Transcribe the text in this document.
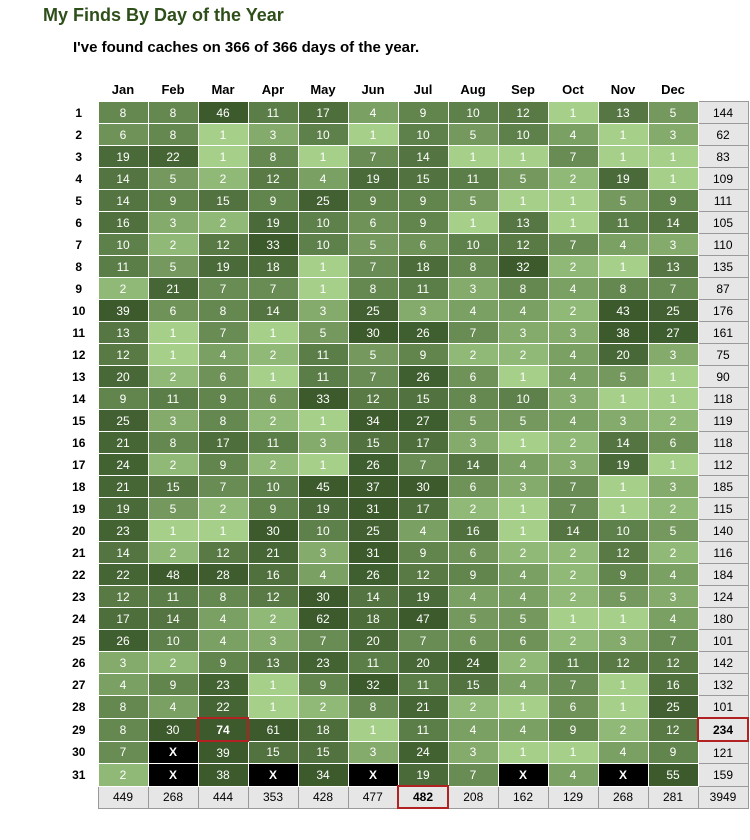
My Finds By Day of the Year
I've found caches on 366 of 366 days of the year.
	Jan	Feb	Mar	Apr	May	Jun	Jul	Aug	Sep	Oct	Nov	Dec	
1	8	8	46	11	17	4	9	10	12	1	13	5	144
2	6	8	1	3	10	1	10	5	10	4	1	3	62
3	19	22	1	8	1	7	14	1	1	7	1	1	83
4	14	5	2	12	4	19	15	11	5	2	19	1	109
5	14	9	15	9	25	9	9	5	1	1	5	9	111
6	16	3	2	19	10	6	9	1	13	1	11	14	105
7	10	2	12	33	10	5	6	10	12	7	4	3	110
8	11	5	19	18	1	7	18	8	32	2	1	13	135
9	2	21	7	7	1	8	11	3	8	4	8	7	87
10	39	6	8	14	3	25	3	4	4	2	43	25	176
11	13	1	7	1	5	30	26	7	3	3	38	27	161
12	12	1	4	2	11	5	9	2	2	4	20	3	75
13	20	2	6	1	11	7	26	6	1	4	5	1	90
14	9	11	9	6	33	12	15	8	10	3	1	1	118
15	25	3	8	2	1	34	27	5	5	4	3	2	119
16	21	8	17	11	3	15	17	3	1	2	14	6	118
17	24	2	9	2	1	26	7	14	4	3	19	1	112
18	21	15	7	10	45	37	30	6	3	7	1	3	185
19	19	5	2	9	19	31	17	2	1	7	1	2	115
20	23	1	1	30	10	25	4	16	1	14	10	5	140
21	14	2	12	21	3	31	9	6	2	2	12	2	116
22	22	48	28	16	4	26	12	9	4	2	9	4	184
23	12	11	8	12	30	14	19	4	4	2	5	3	124
24	17	14	4	2	62	18	47	5	5	1	1	4	180
25	26	10	4	3	7	20	7	6	6	2	3	7	101
26	3	2	9	13	23	11	20	24	2	11	12	12	142
27	4	9	23	1	9	32	11	15	4	7	1	16	132
28	8	4	22	1	2	8	21	2	1	6	1	25	101
29	8	30	74	61	18	1	11	4	4	9	2	12	234
30	7	X	39	15	15	3	24	3	1	1	4	9	121
31	2	X	38	X	34	X	19	7	X	4	X	55	159
	449	268	444	353	428	477	482	208	162	129	268	281	3949
